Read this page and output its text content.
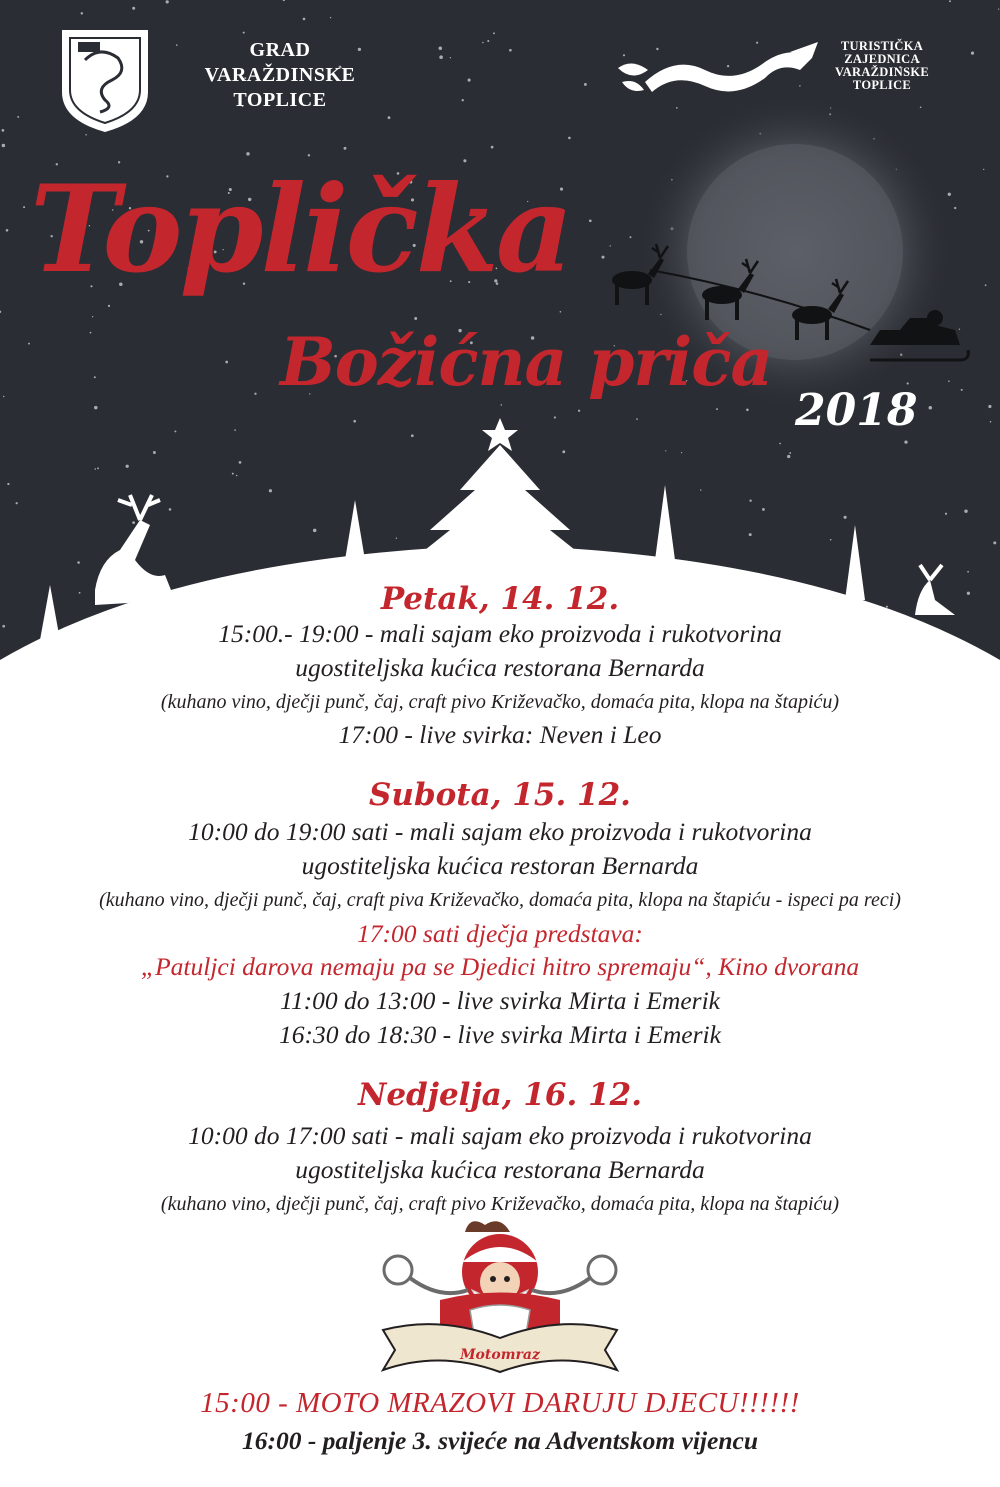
GRAD
VARAŽDINSKE
TOPLICE
TURISTIČKA
ZAJEDNICA
VARAŽDINSKE
TOPLICE
Toplička
Božićna priča
2018
Petak, 14. 12.
15:00.- 19:00 - mali sajam eko proizvoda i rukotvorina
ugostiteljska kućica restorana Bernarda
(kuhano vino, dječji punč, čaj, craft pivo Križevačko, domaća pita, klopa na štapiću)
17:00 - live svirka: Neven i Leo
Subota, 15. 12.
10:00 do 19:00 sati - mali sajam eko proizvoda i rukotvorina
ugostiteljska kućica restoran Bernarda
(kuhano vino, dječji punč, čaj, craft piva Križevačko, domaća pita, klopa na štapiću - ispeci pa reci)
17:00 sati dječja predstava:
„Patuljci darova nemaju pa se Djedici hitro spremaju“, Kino dvorana
11:00 do 13:00 - live svirka Mirta i Emerik
16:30 do 18:30 - live svirka Mirta i Emerik
Nedjelja, 16. 12.
10:00 do 17:00 sati - mali sajam eko proizvoda i rukotvorina
ugostiteljska kućica restorana Bernarda
(kuhano vino, dječji punč, čaj, craft pivo Križevačko, domaća pita, klopa na štapiću)
Motomraz
15:00 - MOTO MRAZOVI DARUJU DJECU!!!!!!
16:00 - paljenje 3. svijeće na Adventskom vijencu
